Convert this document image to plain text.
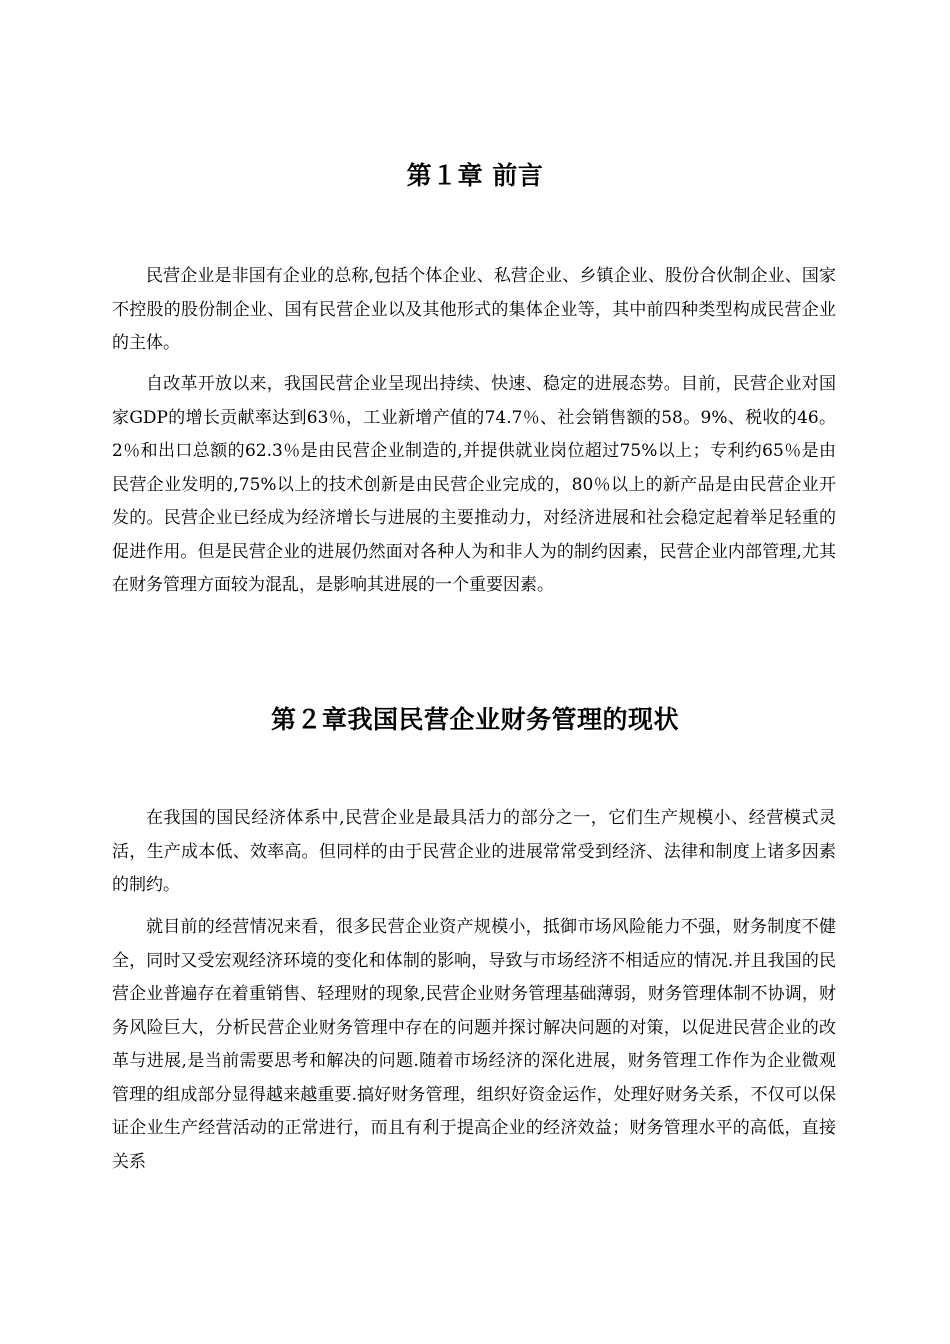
第１章 前言

民营企业是非国有企业的总称,包括个体企业、私营企业、乡镇企业、股份合伙制企业、国家不控股的股份制企业、国有民营企业以及其他形式的集体企业等，其中前四种类型构成民营企业的主体。

自改革开放以来，我国民营企业呈现出持续、快速、稳定的进展态势。目前，民营企业对国家GDP的增长贡献率达到63％，工业新增产值的74.7％、社会销售额的58。9%、税收的46。2％和出口总额的62.3％是由民营企业制造的,并提供就业岗位超过75%以上；专利约65％是由民营企业发明的,75%以上的技术创新是由民营企业完成的，80％以上的新产品是由民营企业开发的。民营企业已经成为经济增长与进展的主要推动力，对经济进展和社会稳定起着举足轻重的促进作用。但是民营企业的进展仍然面对各种人为和非人为的制约因素，民营企业内部管理,尤其在财务管理方面较为混乱，是影响其进展的一个重要因素。

第２章我国民营企业财务管理的现状

在我国的国民经济体系中,民营企业是最具活力的部分之一，它们生产规模小、经营模式灵活，生产成本低、效率高。但同样的由于民营企业的进展常常受到经济、法律和制度上诸多因素的制约。

就目前的经营情况来看，很多民营企业资产规模小，抵御市场风险能力不强，财务制度不健全，同时又受宏观经济环境的变化和体制的影响，导致与市场经济不相适应的情况.并且我国的民营企业普遍存在着重销售、轻理财的现象,民营企业财务管理基础薄弱，财务管理体制不协调，财务风险巨大，分析民营企业财务管理中存在的问题并探讨解决问题的对策，以促进民营企业的改革与进展,是当前需要思考和解决的问题.随着市场经济的深化进展，财务管理工作作为企业微观管理的组成部分显得越来越重要.搞好财务管理，组织好资金运作，处理好财务关系，不仅可以保证企业生产经营活动的正常进行，而且有利于提高企业的经济效益；财务管理水平的高低，直接关系
